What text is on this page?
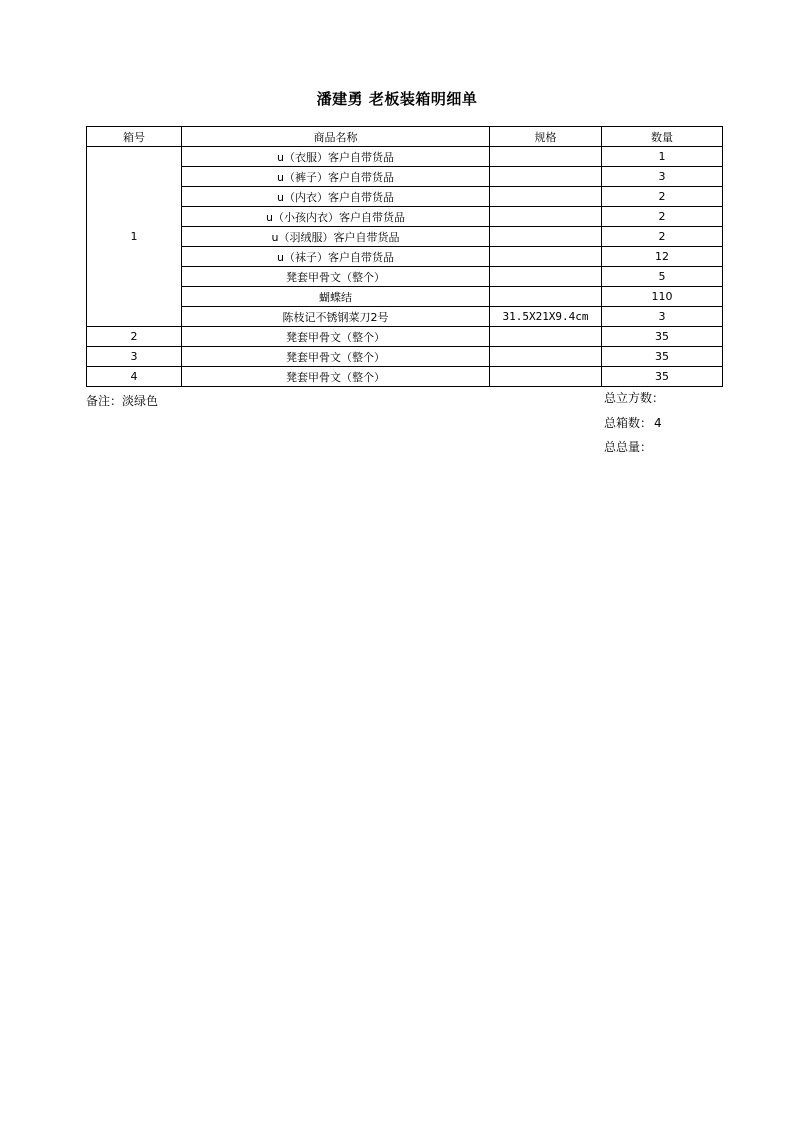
潘建勇 老板装箱明细单
箱号	商品名称	规格	数量
1	u（衣服）客户自带货品		1
	u（裤子）客户自带货品		3
	u（内衣）客户自带货品		2
	u（小孩内衣）客户自带货品		2
	u（羽绒服）客户自带货品		2
	u（袜子）客户自带货品		12
	凳套甲骨文（整个）		5
	蝴蝶结		110
	陈枝记不锈钢菜刀2号	31.5X21X9.4cm	3
2	凳套甲骨文（整个）		35
3	凳套甲骨文（整个）		35
4	凳套甲骨文（整个）		35
备注：淡绿色	总立方数：
总箱数： 4
总总量：
